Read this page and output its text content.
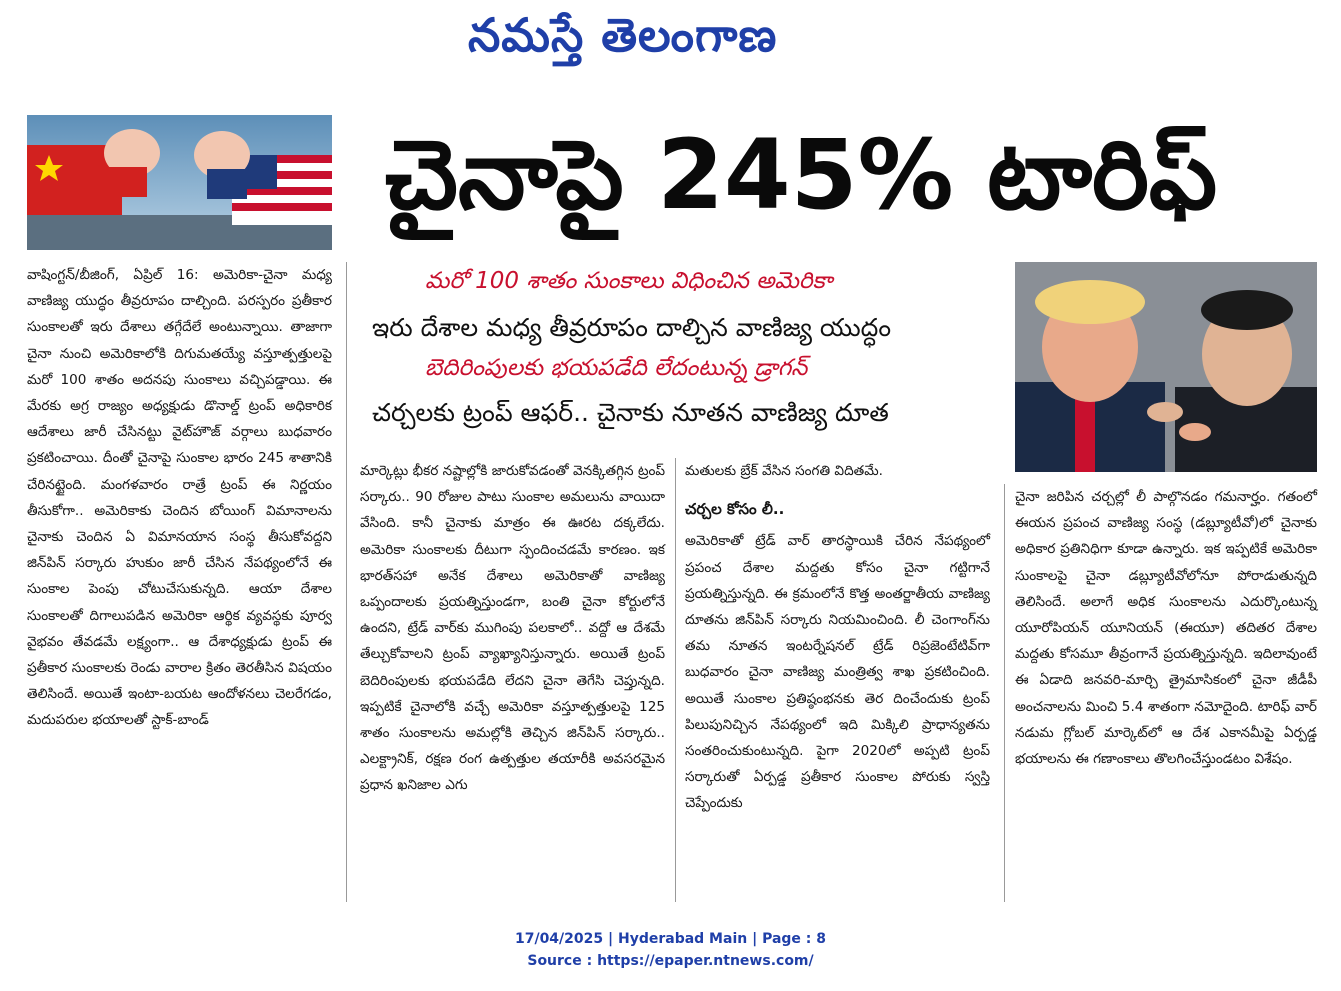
నమస్తే తెలంగాణ
చైనాపై 245% టారిఫ్
మరో 100 శాతం సుంకాలు విధించిన అమెరికా
ఇరు దేశాల మధ్య తీవ్రరూపం దాల్చిన వాణిజ్య యుద్ధం
బెదిరింపులకు భయపడేది లేదంటున్న డ్రాగన్
చర్చలకు ట్రంప్ ఆఫర్.. చైనాకు నూతన వాణిజ్య దూత

వాషింగ్టన్/బీజింగ్, ఏప్రిల్ 16: అమెరికా-చైనా మధ్య వాణిజ్య యుద్ధం తీవ్రరూపం దాల్చింది. పరస్పరం ప్రతీకార సుంకాలతో ఇరు దేశాలు తగ్గేదేలే అంటున్నాయి. తాజాగా చైనా నుంచి అమెరికాలోకి దిగుమతయ్యే వస్తూత్పత్తులపై మరో 100 శాతం అదనపు సుంకాలు వచ్చిపడ్డాయి. ఈ మేరకు అగ్ర రాజ్యం అధ్యక్షుడు డొనాల్డ్ ట్రంప్ అధికారిక ఆదేశాలు జారీ చేసినట్టు వైట్‌హౌజ్ వర్గాలు బుధవారం ప్రకటించాయి. దీంతో చైనాపై సుంకాల భారం 245 శాతానికి చేరినట్టైంది. మంగళవారం రాత్రే ట్రంప్ ఈ నిర్ణయం తీసుకోగా.. అమెరికాకు చెందిన బోయింగ్ విమానాలను చైనాకు చెందిన ఏ విమానయాన సంస్థ తీసుకోవద్దని జిన్‌పిన్ సర్కారు హుకుం జారీ చేసిన నేపథ్యంలోనే ఈ సుంకాల పెంపు చోటుచేసుకున్నది. ఆయా దేశాల సుంకాలతో దిగాలుపడిన అమెరికా ఆర్థిక వ్యవస్థకు పూర్వ వైభవం తేవడమే లక్ష్యంగా.. ఆ దేశాధ్యక్షుడు ట్రంప్ ఈ ప్రతీకార సుంకాలకు రెండు వారాల క్రితం తెరతీసిన విషయం తెలిసిందే. అయితే ఇంటా-బయట ఆందోళనలు చెలరేగడం, మదుపరుల భయాలతో స్టాక్-బాండ్

మార్కెట్లు భీకర నష్టాల్లోకి జారుకోవడంతో వెనక్కితగ్గిన ట్రంప్ సర్కారు.. 90 రోజుల పాటు సుంకాల అమలును వాయిదా వేసింది. కానీ చైనాకు మాత్రం ఈ ఊరట దక్కలేదు. అమెరికా సుంకాలకు దీటుగా స్పందించడమే కారణం. ఇక భారత్‌సహా అనేక దేశాలు అమెరికాతో వాణిజ్య ఒప్పందాలకు ప్రయత్నిస్తుండగా, బంతి చైనా కోర్టులోనే ఉందని, ట్రేడ్ వార్‌కు ముగింపు పలకాలో.. వద్దో ఆ దేశమే తేల్చుకోవాలని ట్రంప్ వ్యాఖ్యానిస్తున్నారు. అయితే ట్రంప్ బెదిరింపులకు భయపడేది లేదని చైనా తెగేసి చెప్తున్నది. ఇప్పటికే చైనాలోకి వచ్చే అమెరికా వస్తూత్పత్తులపై 125 శాతం సుంకాలను అమల్లోకి తెచ్చిన జిన్‌పిన్ సర్కారు.. ఎలక్ట్రానిక్, రక్షణ రంగ ఉత్పత్తుల తయారీకి అవసరమైన ప్రధాన ఖనిజాల ఎగు

మతులకు బ్రేక్ వేసిన సంగతి విదితమే.

చర్చల కోసం లీ..

అమెరికాతో ట్రేడ్ వార్ తారస్థాయికి చేరిన నేపథ్యంలో ప్రపంచ దేశాల మద్దతు కోసం చైనా గట్టిగానే ప్రయత్నిస్తున్నది. ఈ క్రమంలోనే కొత్త అంతర్జాతీయ వాణిజ్య దూతను జిన్‌పిన్ సర్కారు నియమించింది. లీ చెంగాంగ్‌ను తమ నూతన ఇంటర్నేషనల్ ట్రేడ్ రిప్రజెంటేటివ్‌గా బుధవారం చైనా వాణిజ్య మంత్రిత్వ శాఖ ప్రకటించింది. అయితే సుంకాల ప్రతిష్ఠంభనకు తెర దించేందుకు ట్రంప్ పిలుపునిచ్చిన నేపథ్యంలో ఇది మిక్కిలి ప్రాధాన్యతను సంతరించుకుంటున్నది. పైగా 2020లో అప్పటి ట్రంప్ సర్కారుతో ఏర్పడ్డ ప్రతీకార సుంకాల పోరుకు స్వస్తి చెప్పేందుకు

చైనా జరిపిన చర్చల్లో లీ పాల్గొనడం గమనార్హం. గతంలో ఈయన ప్రపంచ వాణిజ్య సంస్థ (డబ్ల్యూటీవో)లో చైనాకు అధికార ప్రతినిధిగా కూడా ఉన్నారు. ఇక ఇప్పటికే అమెరికా సుంకాలపై చైనా డబ్ల్యూటీవోలోనూ పోరాడుతున్నది తెలిసిందే. అలాగే అధిక సుంకాలను ఎదుర్కొంటున్న యూరోపియన్ యూనియన్ (ఈయూ) తదితర దేశాల మద్దతు కోసమూ తీవ్రంగానే ప్రయత్నిస్తున్నది. ఇదిలావుంటే ఈ ఏడాది జనవరి-మార్చి త్రైమాసికంలో చైనా జీడీపీ అంచనాలను మించి 5.4 శాతంగా నమోదైంది. టారిఫ్ వార్ నడుమ గ్లోబల్ మార్కెట్‌లో ఆ దేశ ఎకానమీపై ఏర్పడ్డ భయాలను ఈ గణాంకాలు తొలగించేస్తుండటం విశేషం.

17/04/2025 | Hyderabad Main | Page : 8
Source : https://epaper.ntnews.com/
